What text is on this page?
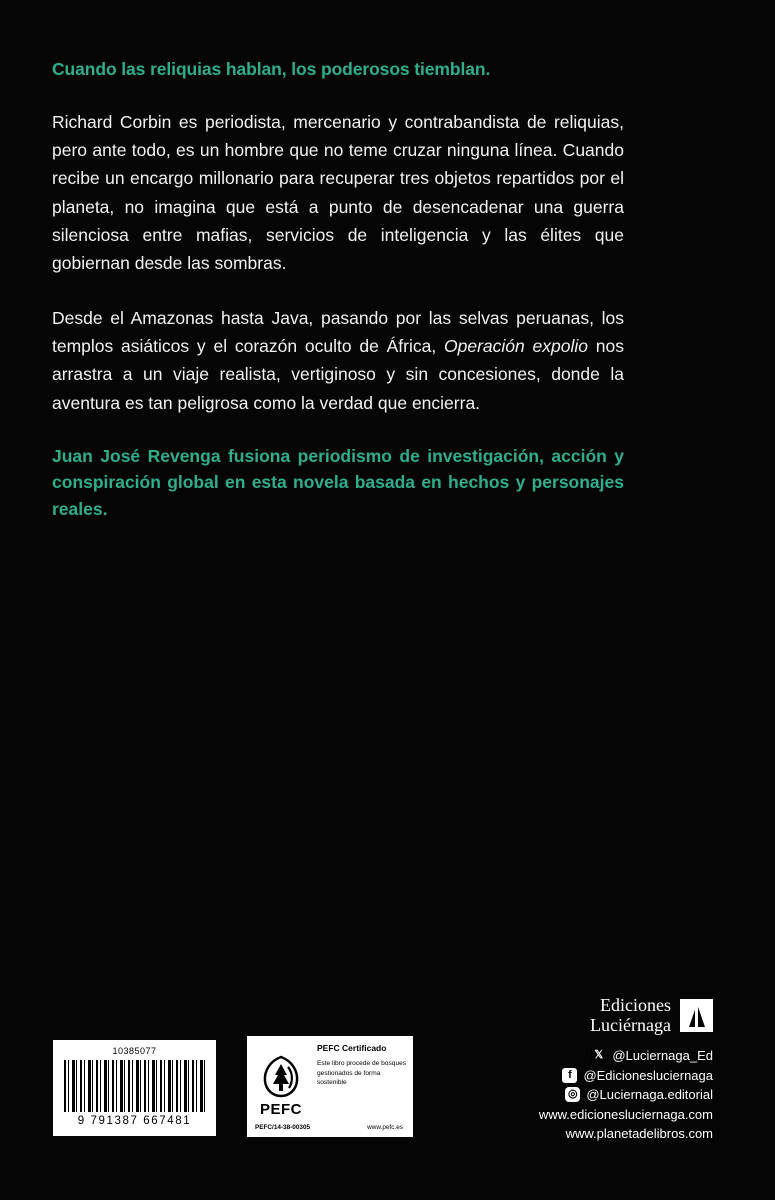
Cuando las reliquias hablan, los poderosos tiemblan.

Richard Corbin es periodista, mercenario y contrabandista de reliquias, pero ante todo, es un hombre que no teme cruzar ninguna línea. Cuando recibe un encargo millonario para recuperar tres objetos repartidos por el planeta, no imagina que está a punto de desencadenar una guerra silenciosa entre mafias, servicios de inteligencia y las élites que gobiernan desde las sombras.

Desde el Amazonas hasta Java, pasando por las selvas peruanas, los templos asiáticos y el corazón oculto de África, Operación expolio nos arrastra a un viaje realista, vertiginoso y sin concesiones, donde la aventura es tan peligrosa como la verdad que encierra.

Juan José Revenga fusiona periodismo de investigación, acción y conspiración global en esta novela basada en hechos y personajes reales.

10385077
9 791387 667481
PEFC
PEFC Certificado
Este libro procede de bosques gestionados de forma sostenible
PEFC/14-38-00305	www.pefc.es
Ediciones
Luciérnaga
𝕏 @Luciernaga_Ed
f @Edicionesluciernaga
◎ @Luciernaga.editorial
www.edicionesluciernaga.com
www.planetadelibros.com
